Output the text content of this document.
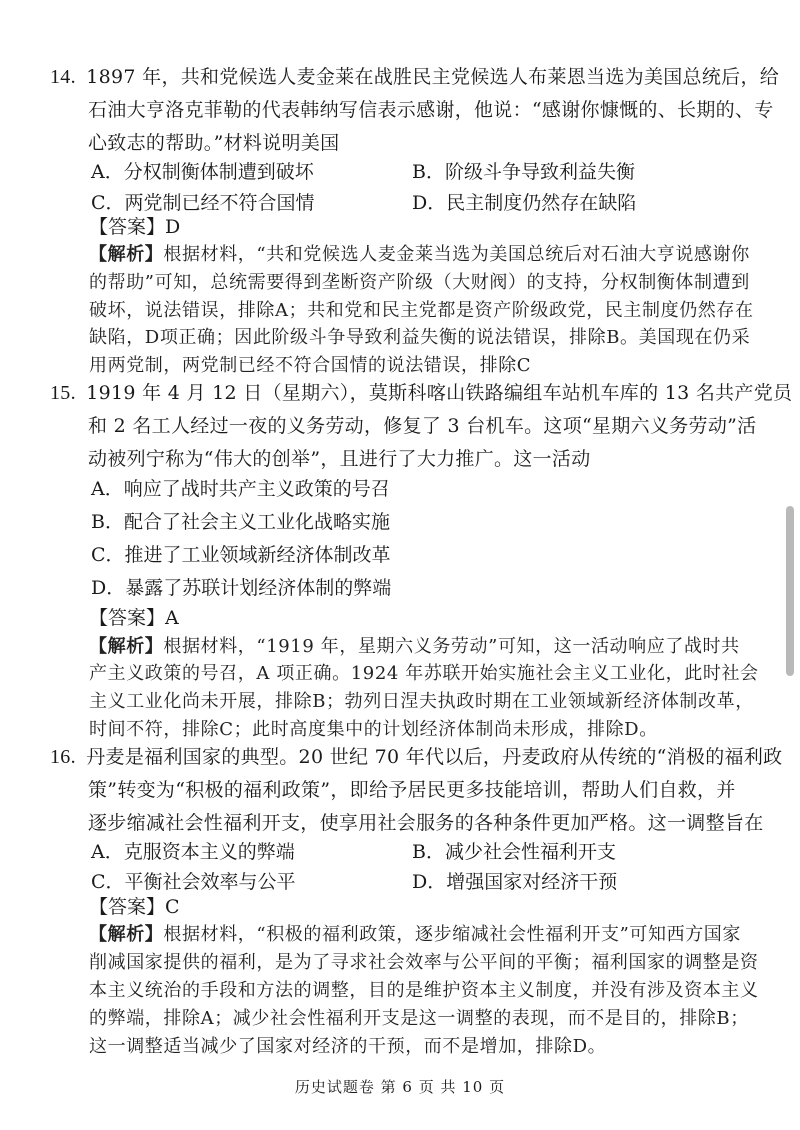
14. 1897 年，共和党候选人麦金莱在战胜民主党候选人布莱恩当选为美国总统后，给
石油大亨洛克菲勒的代表韩纳写信表示感谢，他说：“感谢你慷慨的、长期的、专
心致志的帮助。”材料说明美国
A．分权制衡体制遭到破坏	B．阶级斗争导致利益失衡
C．两党制已经不符合国情	D．民主制度仍然存在缺陷
【答案】D
【解析】根据材料，“共和党候选人麦金莱当选为美国总统后对石油大亨说感谢你
的帮助”可知，总统需要得到垄断资产阶级（大财阀）的支持，分权制衡体制遭到
破坏，说法错误，排除A；共和党和民主党都是资产阶级政党，民主制度仍然存在
缺陷，D项正确；因此阶级斗争导致利益失衡的说法错误，排除B。美国现在仍采
用两党制，两党制已经不符合国情的说法错误，排除C
15. 1919 年 4 月 12 日（星期六），莫斯科喀山铁路编组车站机车库的 13 名共产党员
和 2 名工人经过一夜的义务劳动，修复了 3 台机车。这项“星期六义务劳动”活
动被列宁称为“伟大的创举”，且进行了大力推广。这一活动
A．响应了战时共产主义政策的号召
B．配合了社会主义工业化战略实施
C．推进了工业领域新经济体制改革
D．暴露了苏联计划经济体制的弊端
【答案】A
【解析】根据材料，“1919 年，星期六义务劳动”可知，这一活动响应了战时共
产主义政策的号召，A 项正确。1924 年苏联开始实施社会主义工业化，此时社会
主义工业化尚未开展，排除B；勃列日涅夫执政时期在工业领域新经济体制改革，
时间不符，排除C；此时高度集中的计划经济体制尚未形成，排除D。
16. 丹麦是福利国家的典型。20 世纪 70 年代以后，丹麦政府从传统的“消极的福利政
策”转变为“积极的福利政策”，即给予居民更多技能培训，帮助人们自救，并
逐步缩减社会性福利开支，使享用社会服务的各种条件更加严格。这一调整旨在
A．克服资本主义的弊端	B．减少社会性福利开支
C．平衡社会效率与公平	D．增强国家对经济干预
【答案】C
【解析】根据材料，“积极的福利政策，逐步缩减社会性福利开支”可知西方国家
削减国家提供的福利，是为了寻求社会效率与公平间的平衡；福利国家的调整是资
本主义统治的手段和方法的调整，目的是维护资本主义制度，并没有涉及资本主义
的弊端，排除A；减少社会性福利开支是这一调整的表现，而不是目的，排除B；
这一调整适当减少了国家对经济的干预，而不是增加，排除D。
历史试题卷 第 6 页 共 10 页
